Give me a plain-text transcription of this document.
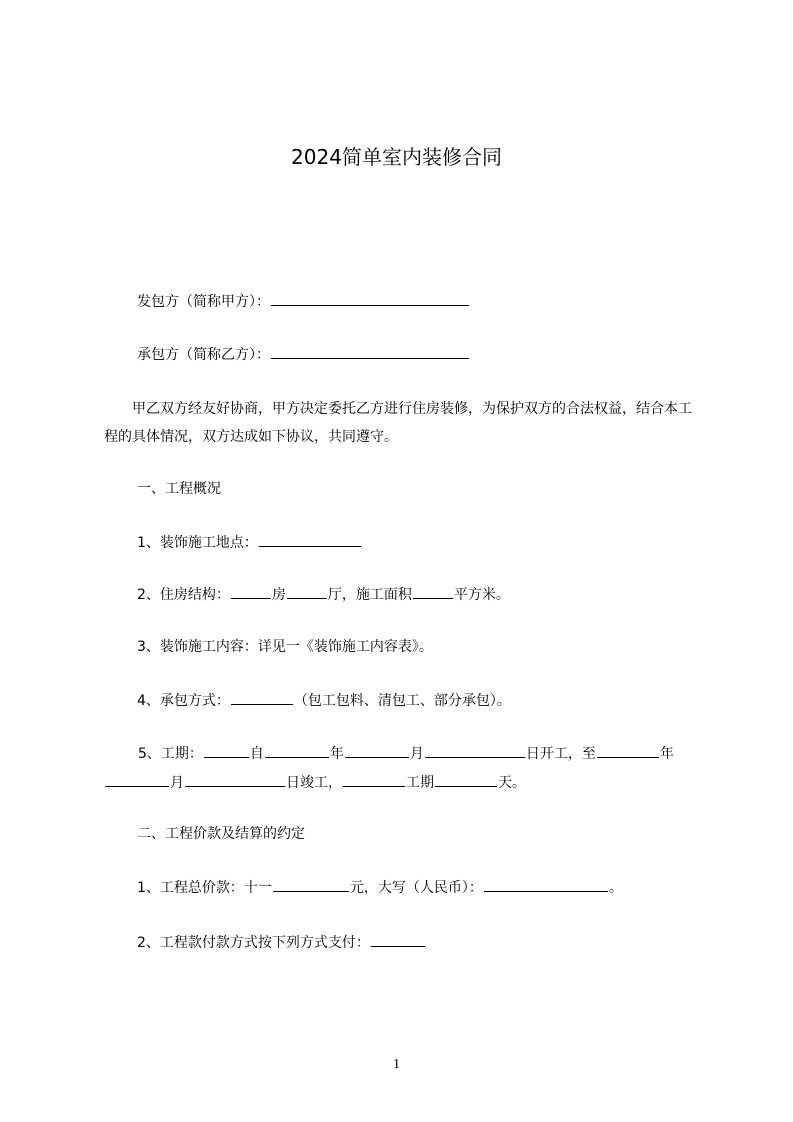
2024简单室内装修合同
发包方（简称甲方）：
承包方（简称乙方）：
甲乙双方经友好协商，甲方决定委托乙方进行住房装修，为保护双方的合法权益，结合本工程的具体情况，双方达成如下协议，共同遵守。
一、工程概况
1、装饰施工地点：
2、住房结构：	房	厅，施工面积	平方米。
3、装饰施工内容：详见一《装饰施工内容表》。
4、承包方式：	（包工包料、清包工、部分承包）。
5、工期：	自	年	月	日开工，至	年
月	日竣工，	工期	天。
二、工程价款及结算的约定
1、工程总价款：十一	元，大写（人民币）：	。
2、工程款付款方式按下列方式支付：
1
